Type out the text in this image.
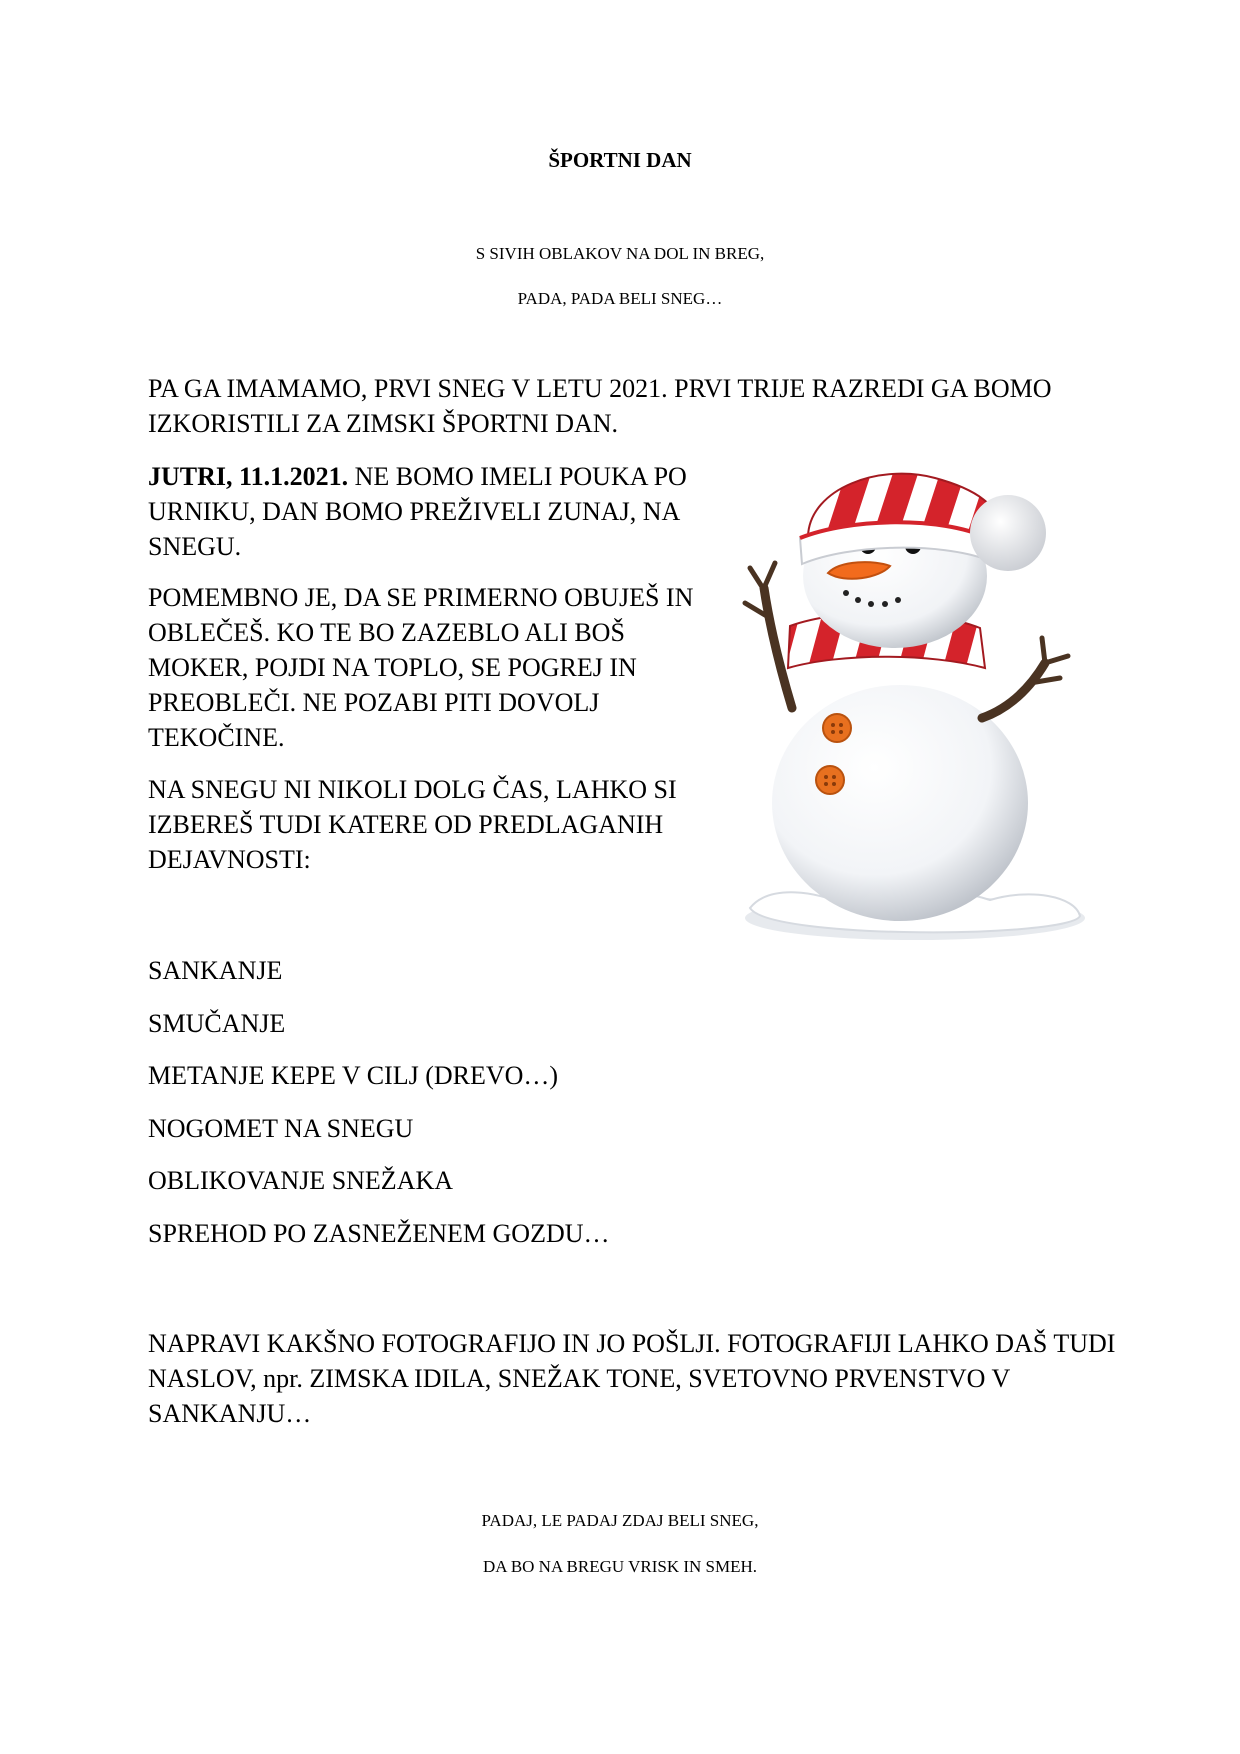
ŠPORTNI DAN

S SIVIH OBLAKOV NA DOL IN BREG,

PADA, PADA BELI SNEG…

PA GA IMAMAMO, PRVI SNEG V LETU 2021. PRVI TRIJE RAZREDI GA BOMO IZKORISTILI ZA ZIMSKI ŠPORTNI DAN.

JUTRI, 11.1.2021. NE BOMO IMELI POUKA PO URNIKU, DAN BOMO PREŽIVELI ZUNAJ, NA SNEGU.

POMEMBNO JE, DA SE PRIMERNO OBUJEŠ IN OBLEČEŠ. KO TE BO ZAZEBLO ALI BOŠ MOKER, POJDI NA TOPLO, SE POGREJ IN PREOBLEČI. NE POZABI PITI DOVOLJ TEKOČINE.

NA SNEGU NI NIKOLI DOLG ČAS, LAHKO SI IZBEREŠ TUDI KATERE OD PREDLAGANIH DEJAVNOSTI:

SANKANJE
SMUČANJE
METANJE KEPE V CILJ (DREVO…)
NOGOMET NA SNEGU
OBLIKOVANJE SNEŽAKA
SPREHOD PO ZASNEŽENEM GOZDU…

NAPRAVI KAKŠNO FOTOGRAFIJO IN JO POŠLJI. FOTOGRAFIJI LAHKO DAŠ TUDI NASLOV, npr. ZIMSKA IDILA, SNEŽAK TONE, SVETOVNO PRVENSTVO V SANKANJU…

PADAJ, LE PADAJ ZDAJ BELI SNEG,

DA BO NA BREGU VRISK IN SMEH.
